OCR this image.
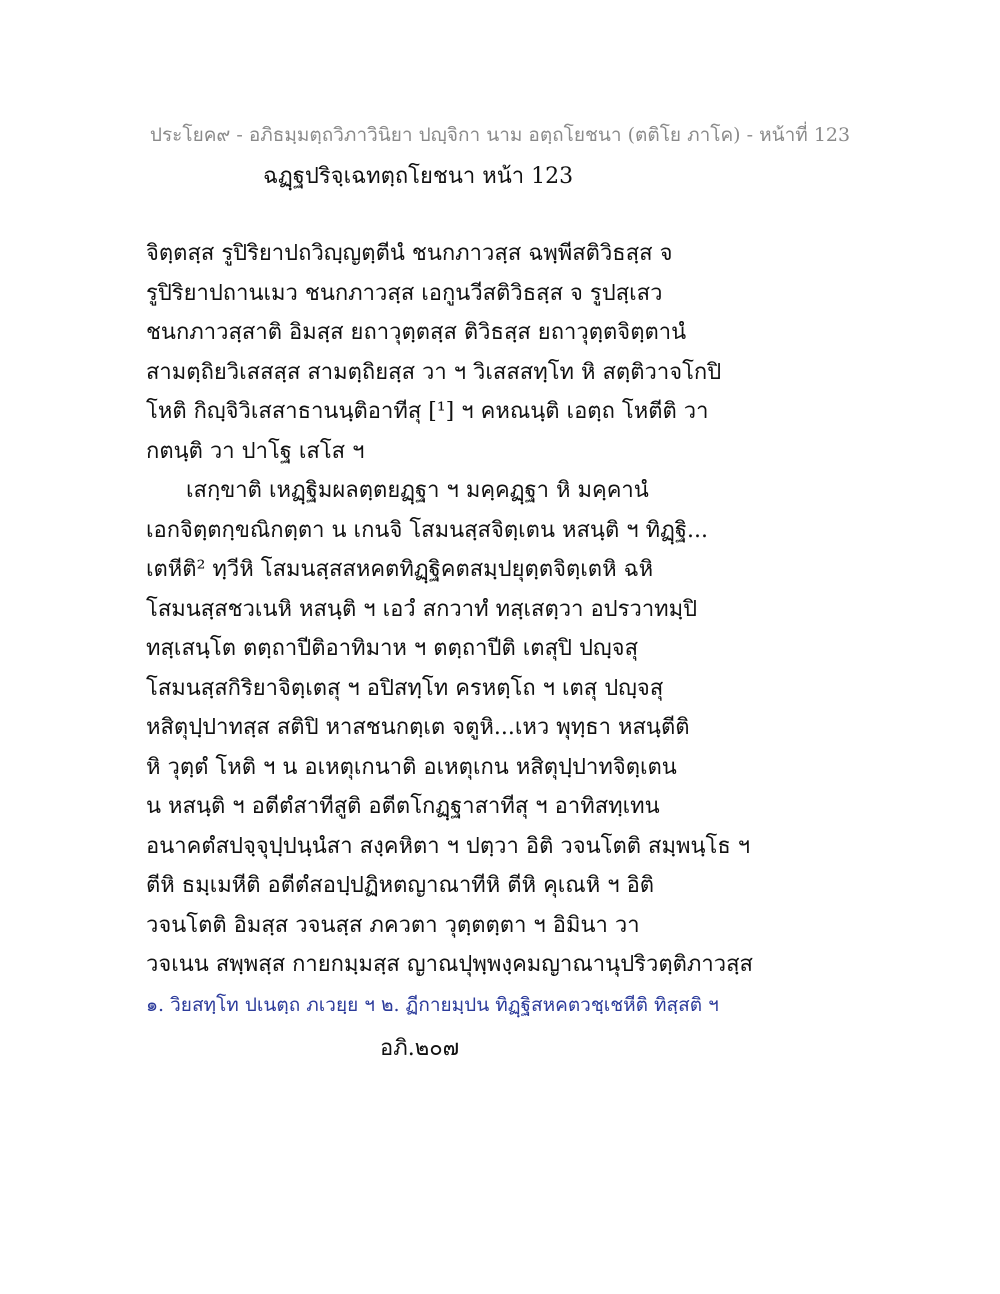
ประโยค๙ - อภิธมฺมตฺถวิภาวินิยา ปญฺจิกา นาม อตฺถโยชนา (ตติโย ภาโค) - หน้าที่ 123
ฉฏฺฐปริจฺเฉทตฺถโยชนา หน้า 123
จิตฺตสฺส รูปิริยาปถวิญฺญตฺตีนํ ชนกภาวสฺส ฉพฺพีสติวิธสฺส จ
รูปิริยาปถานเมว ชนกภาวสฺส เอกูนวีสติวิธสฺส จ รูปสฺเสว
ชนกภาวสฺสาติ อิมสฺส ยถาวุตฺตสฺส ติวิธสฺส ยถาวุตฺตจิตฺตานํ
สามตฺถิยวิเสสสฺส สามตฺถิยสฺส วา ฯ วิเสสสทฺโท หิ สตฺติวาจโกปิ
โหติ กิญฺจิวิเสสาธานนฺติอาทีสุ [¹] ฯ คหณนฺติ เอตฺถ โหตีติ วา
กตนฺติ วา ปาโฐ เสโส ฯ
เสกฺขาติ เหฏฺฐิมผลตฺตยฏฺฐา ฯ มคฺคฏฺฐา หิ มคฺคานํ
เอกจิตฺตกฺขณิกตฺตา น เกนจิ โสมนสฺสจิตฺเตน หสนฺติ ฯ ทิฏฺฐิ...
เตหีติ² ทฺวีหิ โสมนสฺสสหคตทิฏฺฐิคตสมฺปยุตฺตจิตฺเตหิ ฉหิ
โสมนสฺสชวเนหิ หสนฺติ ฯ เอวํ สกวาทํ ทสฺเสตฺวา อปรวาทมฺปิ
ทสฺเสนฺโต ตตฺถาปีติอาทิมาห ฯ ตตฺถาปีติ เตสุปิ ปญฺจสุ
โสมนสฺสกิริยาจิตฺเตสุ ฯ อปิสทฺโท ครหตฺโถ ฯ เตสุ ปญฺจสุ
หสิตุปฺปาทสฺส สติปิ หาสชนกตฺเต จตูหิ...เหว พุทฺธา หสนฺตีติ
หิ วุตฺตํ โหติ ฯ น อเหตุเกนาติ อเหตุเกน หสิตุปฺปาทจิตฺเตน
น หสนฺติ ฯ อตีตํสาทีสูติ อตีตโกฏฺฐาสาทีสุ ฯ อาทิสทฺเทน
อนาคตํสปจฺจุปฺปนฺนํสา สงฺคหิตา ฯ ปตฺวา อิติ วจนโตติ สมฺพนฺโธ ฯ
ตีหิ ธมฺเมหีติ อตีตํสอปฺปฏิหตญาณาทีหิ ตีหิ คุเณหิ ฯ อิติ
วจนโตติ อิมสฺส วจนสฺส ภควตา วุตฺตตฺตา ฯ อิมินา วา
วจเนน สพฺพสฺส กายกมฺมสฺส ญาณปุพฺพงฺคมญาณานุปริวตฺติภาวสฺส
๑. วิยสทฺโท ปเนตฺถ ภเวยฺย ฯ ๒. ฏีกายมฺปน ทิฏฺฐิสหคตวชฺเชหีติ ทิสฺสติ ฯ
อภิ.๒๐๗
